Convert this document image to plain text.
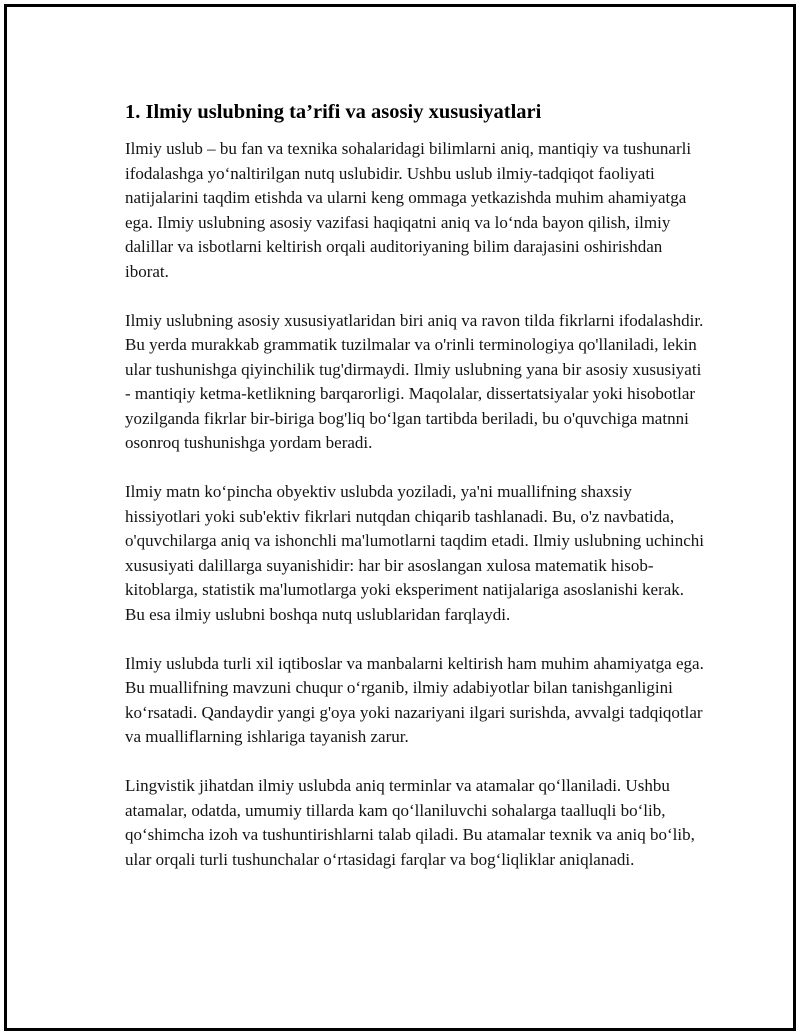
1. Ilmiy uslubning ta’rifi va asosiy xususiyatlari

Ilmiy uslub – bu fan va texnika sohalaridagi bilimlarni aniq, mantiqiy va tushunarli ifodalashga yo‘naltirilgan nutq uslubidir. Ushbu uslub ilmiy-tadqiqot faoliyati natijalarini taqdim etishda va ularni keng ommaga yetkazishda muhim ahamiyatga ega. Ilmiy uslubning asosiy vazifasi haqiqatni aniq va lo‘nda bayon qilish, ilmiy dalillar va isbotlarni keltirish orqali auditoriyaning bilim darajasini oshirishdan iborat.

Ilmiy uslubning asosiy xususiyatlaridan biri aniq va ravon tilda fikrlarni ifodalashdir. Bu yerda murakkab grammatik tuzilmalar va o'rinli terminologiya qo'llaniladi, lekin ular tushunishga qiyinchilik tug'dirmaydi. Ilmiy uslubning yana bir asosiy xususiyati - mantiqiy ketma-ketlikning barqarorligi. Maqolalar, dissertatsiyalar yoki hisobotlar yozilganda fikrlar bir-biriga bog'liq bo‘lgan tartibda beriladi, bu o'quvchiga matnni osonroq tushunishga yordam beradi.

Ilmiy matn ko‘pincha obyektiv uslubda yoziladi, ya'ni muallifning shaxsiy hissiyotlari yoki sub'ektiv fikrlari nutqdan chiqarib tashlanadi. Bu, o'z navbatida, o'quvchilarga aniq va ishonchli ma'lumotlarni taqdim etadi. Ilmiy uslubning uchinchi xususiyati dalillarga suyanishidir: har bir asoslangan xulosa matematik hisob-kitoblarga, statistik ma'lumotlarga yoki eksperiment natijalariga asoslanishi kerak. Bu esa ilmiy uslubni boshqa nutq uslublaridan farqlaydi.

Ilmiy uslubda turli xil iqtiboslar va manbalarni keltirish ham muhim ahamiyatga ega. Bu muallifning mavzuni chuqur o‘rganib, ilmiy adabiyotlar bilan tanishganligini ko‘rsatadi. Qandaydir yangi g'oya yoki nazariyani ilgari surishda, avvalgi tadqiqotlar va mualliflarning ishlariga tayanish zarur.

Lingvistik jihatdan ilmiy uslubda aniq terminlar va atamalar qo‘llaniladi. Ushbu atamalar, odatda, umumiy tillarda kam qo‘llaniluvchi sohalarga taalluqli bo‘lib, qo‘shimcha izoh va tushuntirishlarni talab qiladi. Bu atamalar texnik va aniq bo‘lib, ular orqali turli tushunchalar o‘rtasidagi farqlar va bog‘liqliklar aniqlanadi.
